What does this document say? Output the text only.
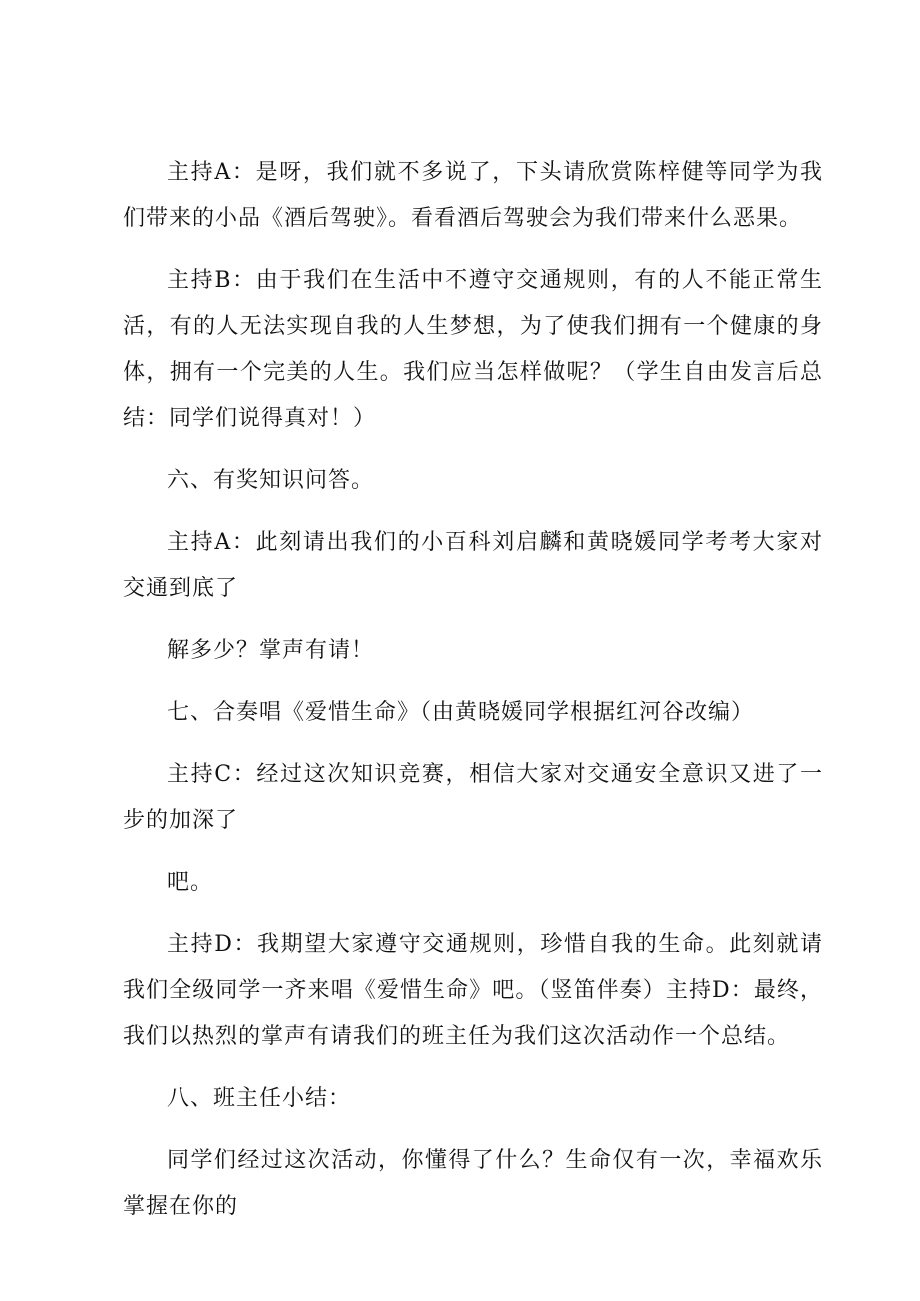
主持A：是呀，我们就不多说了，下头请欣赏陈梓健等同学为我们带来的小品《酒后驾驶》。看看酒后驾驶会为我们带来什么恶果。

主持B：由于我们在生活中不遵守交通规则，有的人不能正常生活，有的人无法实现自我的人生梦想，为了使我们拥有一个健康的身体，拥有一个完美的人生。我们应当怎样做呢？（学生自由发言后总结：同学们说得真对！）

六、有奖知识问答。

主持A：此刻请出我们的小百科刘启麟和黄晓媛同学考考大家对交通到底了

解多少？掌声有请！

七、合奏唱《爱惜生命》（由黄晓媛同学根据红河谷改编）

主持C：经过这次知识竞赛，相信大家对交通安全意识又进了一步的加深了

吧。

主持D：我期望大家遵守交通规则，珍惜自我的生命。此刻就请我们全级同学一齐来唱《爱惜生命》吧。（竖笛伴奏）主持D：最终，我们以热烈的掌声有请我们的班主任为我们这次活动作一个总结。

八、班主任小结：

同学们经过这次活动，你懂得了什么？生命仅有一次，幸福欢乐掌握在你的
